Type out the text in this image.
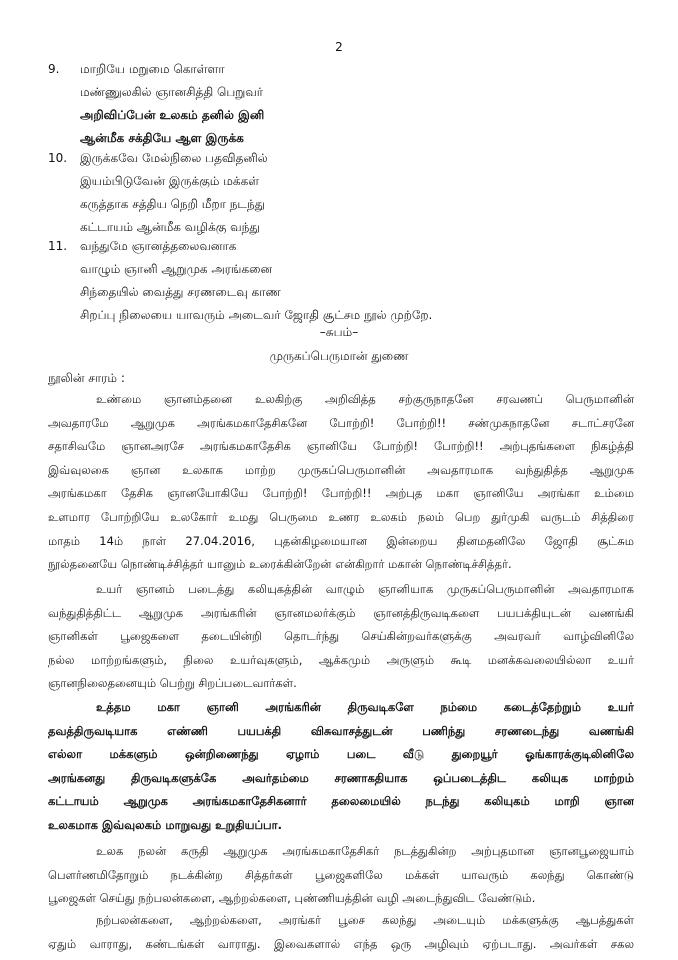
2
9. மாறியே மறுமை கொள்ளா
மண்ணுலகில் ஞானசித்தி பெறுவர்
அறிவிப்பேன் உலகம் தனில் இனி
ஆன்மீக சக்தியே ஆள இருக்க
10. இருக்கவே மேல்நிலை பதவிதனில்
இயம்பிடுவேன் இருக்கும் மக்கள்
கருத்தாக சத்திய நெறி மீறா நடந்து
கட்டாயம் ஆன்மீக வழிக்கு வந்து
11. வந்துமே ஞானத்தலைவனாக
வாழும் ஞானி ஆறுமுக அரங்கனை
சிந்தையில் வைத்து சரணடைவு காண
சிறப்பு நிலையை யாவரும் அடைவர் ஜோதி சூட்சம நூல் முற்றே.
–சுபம்–
முருகப்பெருமான் துணை
நூலின் சாரம் :
உண்மை ஞானம்தனை உலகிற்கு அறிவித்த சற்குருநாதனே சரவணப் பெருமானின்
அவதாரமே ஆறுமுக அரங்கமகாதேசிகனே போற்றி! போற்றி!! சண்முகநாதனே சடாட்சரனே
சதாசிவமே ஞானஅரசே அரங்கமகாதேசிக ஞானியே போற்றி! போற்றி!! அற்புதங்களை நிகழ்த்தி
இவ்வுலகை ஞான உலகாக மாற்ற முருகப்பெருமானின் அவதாரமாக வந்துதித்த ஆறுமுக
அரங்கமகா தேசிக ஞானயோகியே போற்றி! போற்றி!! அற்புத மகா ஞானியே அரங்கா உம்மை
உளமார போற்றியே உலகோர் உமது பெருமை உணர உலகம் நலம் பெற துர்முகி வருடம் சித்திரை
மாதம் 14ம் நாள் 27.04.2016, புதன்கிழமையான இன்றைய தினமதனிலே ஜோதி சூட்சும
நூல்தனையே நொண்டிச்சித்தர் யானும் உரைக்கின்றேன் என்கிறார் மகான் நொண்டிச்சித்தர்.
உயர் ஞானம் படைத்து கலியுகத்தின் வாழும் ஞானியாக முருகப்பெருமானின் அவதாரமாக
வந்துதித்திட்ட ஆறுமுக அரங்கரின் ஞானமலர்க்கும் ஞானத்திருவடிகளை பயபக்தியுடன் வணங்கி
ஞானிகள் பூஜைகளை தடையின்றி தொடர்ந்து செய்கின்றவர்களுக்கு அவரவர் வாழ்வினிலே
நல்ல மாற்றங்களும், நிலை உயர்வுகளும், ஆக்கமும் அருளும் கூடி மனக்கவலையில்லா உயர்
ஞானநிலைதனையும் பெற்று சிறப்படைவார்கள்.
உத்தம மகா ஞானி அரங்கரின் திருவடிகளே நம்மை கடைத்தேற்றும் உயர்
தவத்திருவடியாக எண்ணி பயபக்தி விசுவாசத்துடன் பணிந்து சரணடைந்து வணங்கி
எல்லா மக்களும் ஒன்றிணைந்து ஏழாம் படை வீடு துறையூர் ஓங்காரக்குடிலினிலே
அரங்கனது திருவடிகளுக்கே அவர்தம்மை சரணாகதியாக ஒப்படைத்திட கலியுக மாற்றம்
கட்டாயம் ஆறுமுக அரங்கமகாதேசிகனார் தலைமையில் நடந்து கலியுகம் மாறி ஞான
உலகமாக இவ்வுலகம் மாறுவது உறுதியப்பா.
உலக நலன் கருதி ஆறுமுக அரங்கமகாதேசிகர் நடத்துகின்ற அற்புதமான ஞானபூஜையாம்
பௌர்ணமிதோறும் நடக்கின்ற சித்தர்கள் பூஜைகளிலே மக்கள் யாவரும் கலந்து கொண்டு
பூஜைகள் செய்து நற்பலன்களை, ஆற்றல்களை, புண்ணியத்தின் வழி அடைந்துவிட வேண்டும்.
நற்பலன்களை, ஆற்றல்களை, அரங்கர் பூசை கலந்து அடையும் மக்களுக்கு ஆபத்துகள்
ஏதும் வாராது, கண்டங்கள் வாராது. இவைகளால் எந்த ஒரு அழிவும் ஏற்படாது. அவர்கள் சகல
